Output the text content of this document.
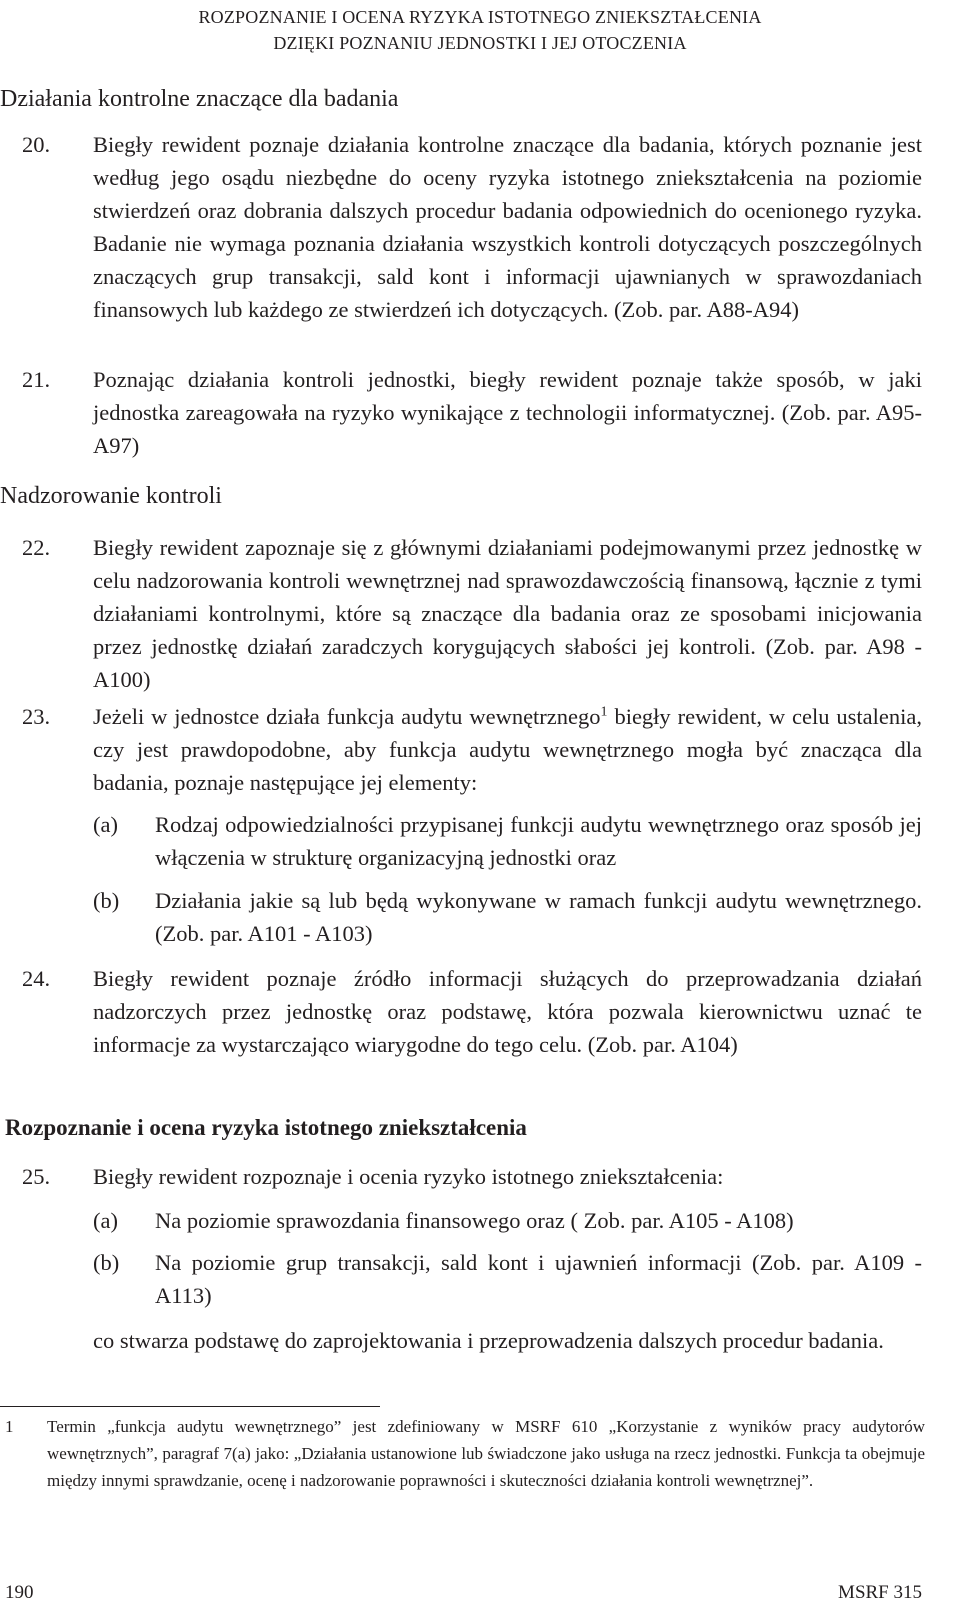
ROZPOZNANIE I OCENA RYZYKA ISTOTNEGO ZNIEKSZTAŁCENIA
DZIĘKI POZNANIU JEDNOSTKI I JEJ OTOCZENIA
Działania kontrolne znaczące dla badania
20. Biegły rewident poznaje działania kontrolne znaczące dla badania, których poznanie jest według jego osądu niezbędne do oceny ryzyka istotnego zniekształcenia na poziomie stwierdzeń oraz dobrania dalszych procedur badania odpowiednich do ocenionego ryzyka. Badanie nie wymaga poznania działania wszystkich kontroli dotyczących poszczególnych znaczących grup transakcji, sald kont i informacji ujawnianych w sprawozdaniach finansowych lub każdego ze stwierdzeń ich dotyczących. (Zob. par. A88-A94)
21. Poznając działania kontroli jednostki, biegły rewident poznaje także sposób, w jaki jednostka zareagowała na ryzyko wynikające z technologii informatycznej. (Zob. par. A95-A97)
Nadzorowanie kontroli
22. Biegły rewident zapoznaje się z głównymi działaniami podejmowanymi przez jednostkę w celu nadzorowania kontroli wewnętrznej nad sprawozdawczością finansową, łącznie z tymi działaniami kontrolnymi, które są znaczące dla badania oraz ze sposobami inicjowania przez jednostkę działań zaradczych korygujących słabości jej kontroli. (Zob. par. A98 - A100)
23. Jeżeli w jednostce działa funkcja audytu wewnętrznego$^1$ biegły rewident, w celu ustalenia, czy jest prawdopodobne, aby funkcja audytu wewnętrznego mogła być znacząca dla badania, poznaje następujące jej elementy:
(a) Rodzaj odpowiedzialności przypisanej funkcji audytu wewnętrznego oraz sposób jej włączenia w strukturę organizacyjną jednostki oraz
(b) Działania jakie są lub będą wykonywane w ramach funkcji audytu wewnętrznego. (Zob. par. A101 - A103)
24. Biegły rewident poznaje źródło informacji służących do przeprowadzania działań nadzorczych przez jednostkę oraz podstawę, która pozwala kierownictwu uznać te informacje za wystarczająco wiarygodne do tego celu. (Zob. par. A104)
Rozpoznanie i ocena ryzyka istotnego zniekształcenia
25. Biegły rewident rozpoznaje i ocenia ryzyko istotnego zniekształcenia:
(a) Na poziomie sprawozdania finansowego oraz ( Zob. par. A105 - A108)
(b) Na poziomie grup transakcji, sald kont i ujawnień informacji (Zob. par. A109 - A113)
co stwarza podstawę do zaprojektowania i przeprowadzenia dalszych procedur badania.
1 Termin „funkcja audytu wewnętrznego” jest zdefiniowany w MSRF 610 „Korzystanie z wyników pracy audytorów wewnętrznych”, paragraf 7(a) jako: „Działania ustanowione lub świadczone jako usługa na rzecz jednostki. Funkcja ta obejmuje między innymi sprawdzanie, ocenę i nadzorowanie poprawności i skuteczności działania kontroli wewnętrznej”.
190	MSRF 315
